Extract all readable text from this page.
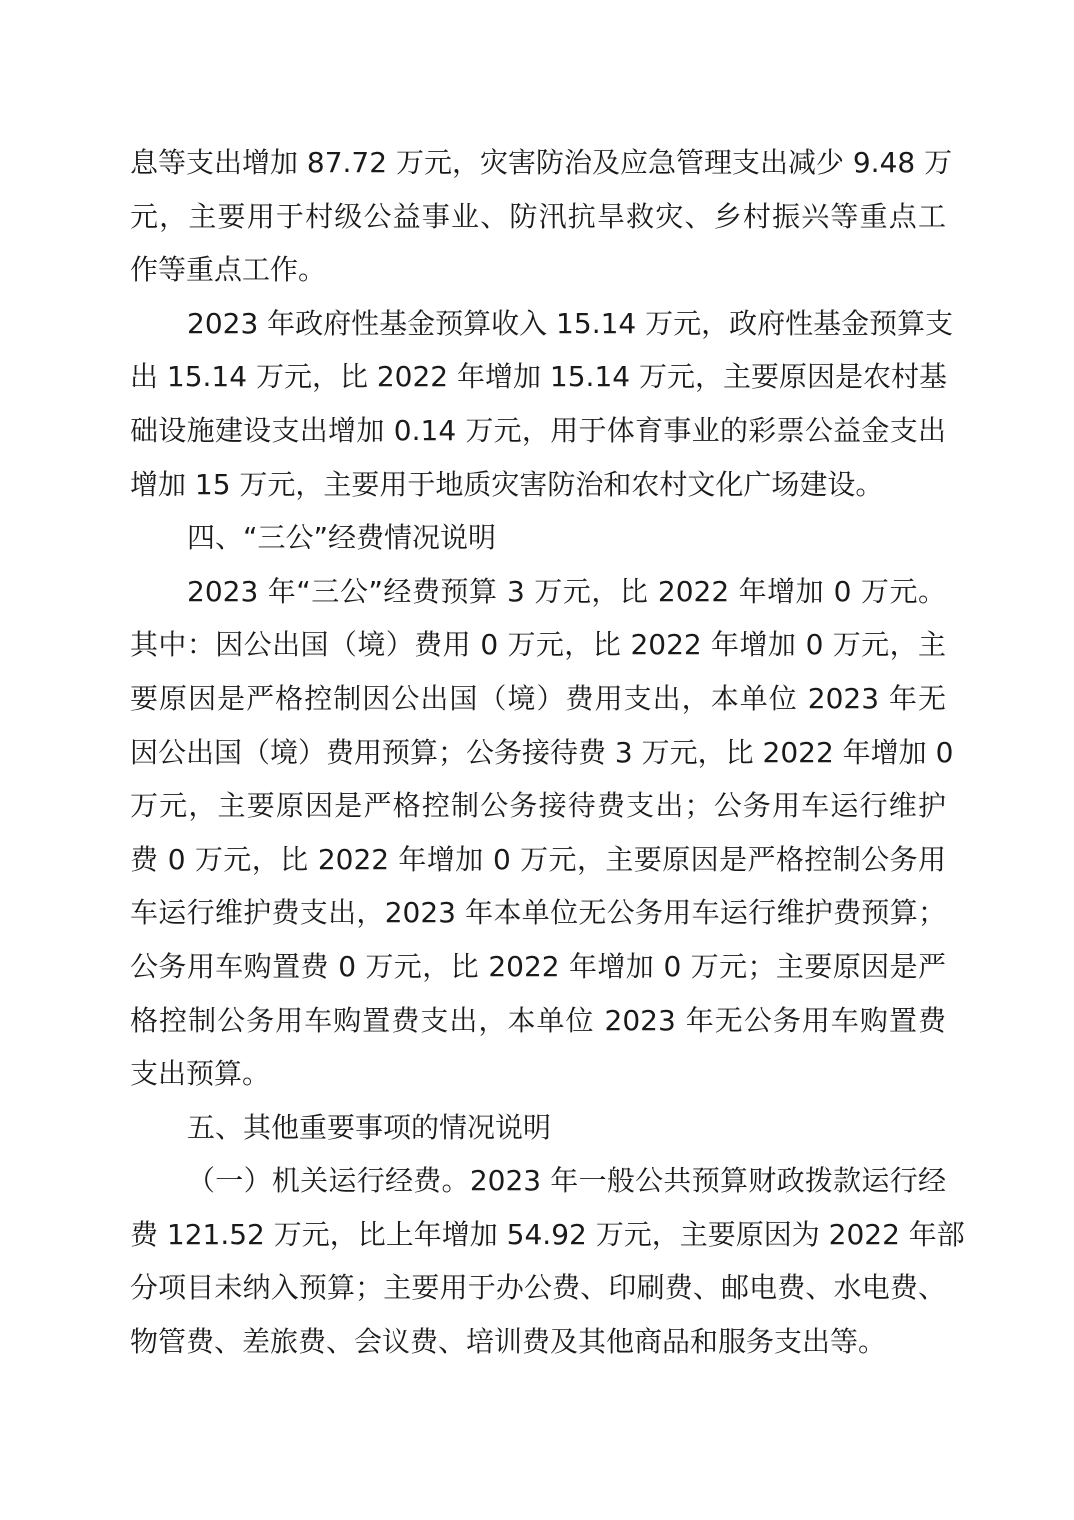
息等支出增加 87.72 万元，灾害防治及应急管理支出减少 9.48 万
元，主要用于村级公益事业、防汛抗旱救灾、乡村振兴等重点工
作等重点工作。
2023 年政府性基金预算收入 15.14 万元，政府性基金预算支
出 15.14 万元，比 2022 年增加 15.14 万元，主要原因是农村基
础设施建设支出增加 0.14 万元，用于体育事业的彩票公益金支出
增加 15 万元，主要用于地质灾害防治和农村文化广场建设。
四、“三公”经费情况说明
2023 年“三公”经费预算 3 万元，比 2022 年增加 0 万元。
其中：因公出国（境）费用 0 万元，比 2022 年增加 0 万元，主
要原因是严格控制因公出国（境）费用支出，本单位 2023 年无
因公出国（境）费用预算；公务接待费 3 万元，比 2022 年增加 0
万元，主要原因是严格控制公务接待费支出；公务用车运行维护
费 0 万元，比 2022 年增加 0 万元，主要原因是严格控制公务用
车运行维护费支出，2023 年本单位无公务用车运行维护费预算；
公务用车购置费 0 万元，比 2022 年增加 0 万元；主要原因是严
格控制公务用车购置费支出，本单位 2023 年无公务用车购置费
支出预算。
五、其他重要事项的情况说明
（一）机关运行经费。2023 年一般公共预算财政拨款运行经
费 121.52 万元，比上年增加 54.92 万元，主要原因为 2022 年部
分项目未纳入预算；主要用于办公费、印刷费、邮电费、水电费、
物管费、差旅费、会议费、培训费及其他商品和服务支出等。
